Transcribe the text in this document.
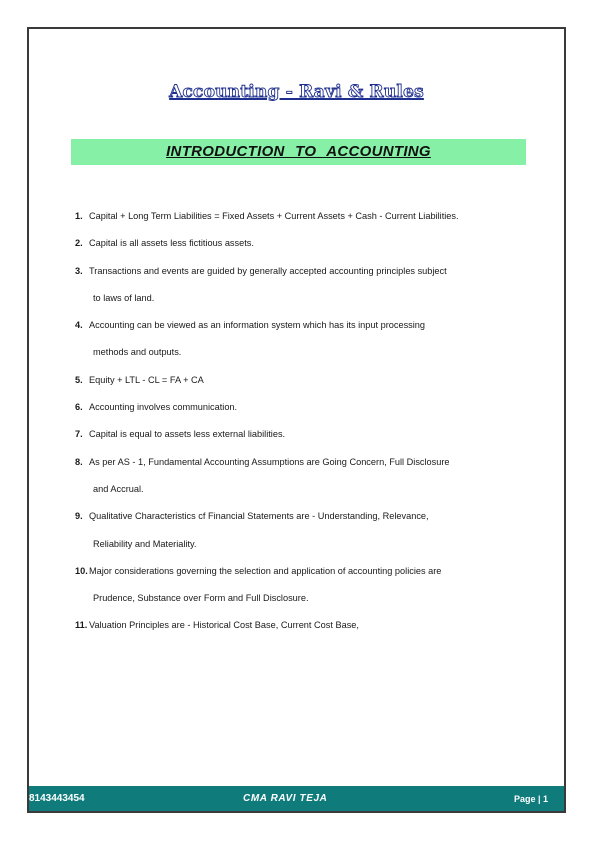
Accounting - Ravi & Rules
INTRODUCTION TO ACCOUNTING
1. Capital + Long Term Liabilities = Fixed Assets + Current Assets + Cash - Current Liabilities.
2. Capital is all assets less fictitious assets.
3. Transactions and events are guided by generally accepted accounting principles subject
to laws of land.
4. Accounting can be viewed as an information system which has its input processing
methods and outputs.
5. Equity + LTL - CL = FA + CA
6. Accounting involves communication.
7. Capital is equal to assets less external liabilities.
8. As per AS - 1, Fundamental Accounting Assumptions are Going Concern, Full Disclosure
and Accrual.
9. Qualitative Characteristics cf Financial Statements are - Understanding, Relevance,
Reliability and Materiality.
10.Major considerations governing the selection and application of accounting policies are
Prudence, Substance over Form and Full Disclosure.
11. Valuation Principles are - Historical Cost Base, Current Cost Base,
8143443454	CMA RAVI TEJA	Page | 1
